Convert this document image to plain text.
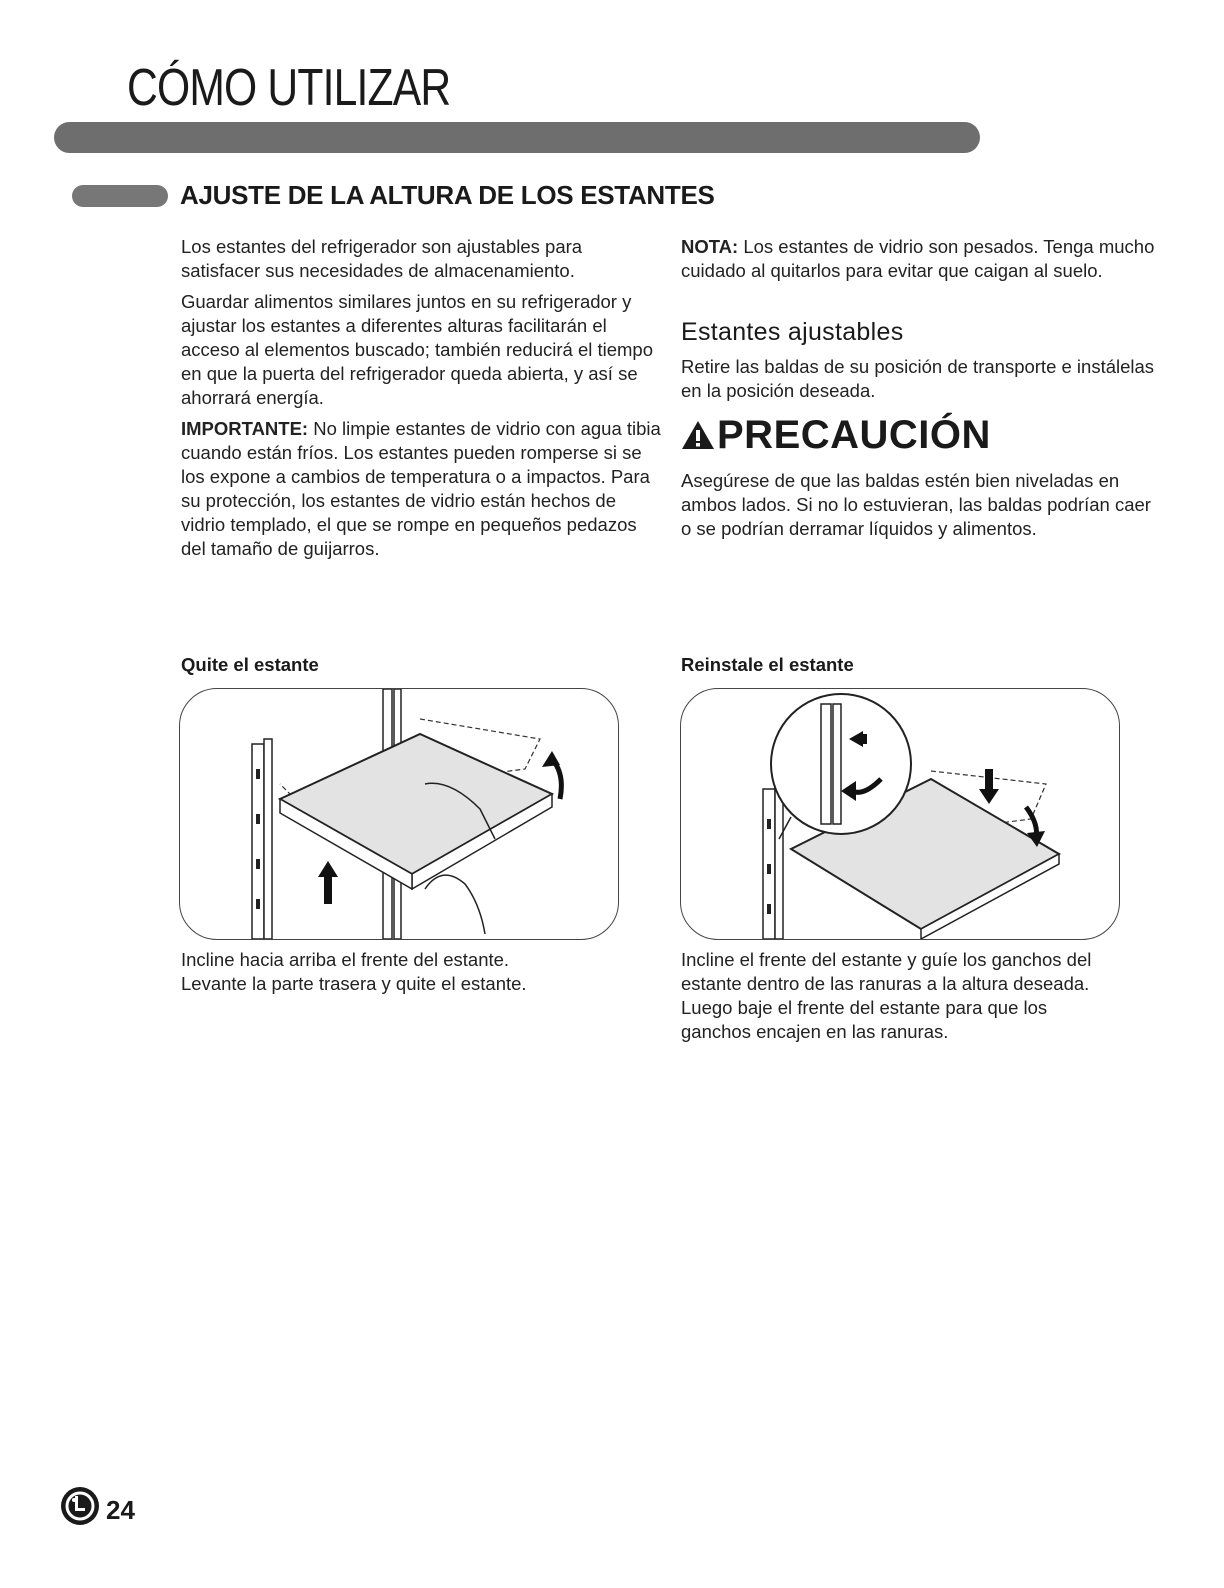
CÓMO UTILIZAR
AJUSTE DE LA ALTURA DE LOS ESTANTES

Los estantes del refrigerador son ajustables para satisfacer sus necesidades de almacenamiento.

Guardar alimentos similares juntos en su refrigerador y ajustar los estantes a diferentes alturas facilitarán el acceso al elementos buscado; también reducirá el tiempo en que la puerta del refrigerador queda abierta, y así se ahorrará energía.

IMPORTANTE: No limpie estantes de vidrio con agua tibia cuando están fríos. Los estantes pueden romperse si se los expone a cambios de temperatura o a impactos. Para su protección, los estantes de vidrio están hechos de vidrio templado, el que se rompe en pequeños pedazos del tamaño de guijarros.

NOTA: Los estantes de vidrio son pesados. Tenga mucho cuidado al quitarlos para evitar que caigan al suelo.

Estantes ajustables

Retire las baldas de su posición de transporte e instálelas en la posición deseada.

PRECAUCIÓN

Asegúrese de que las baldas estén bien niveladas en ambos lados. Si no lo estuvieran, las baldas podrían caer o se podrían derramar líquidos y alimentos.

Quite el estante

Incline hacia arriba el frente del estante.

Levante la parte trasera y quite el estante.

Reinstale el estante
Incline el frente del estante y guíe los ganchos del estante dentro de las ranuras a la altura deseada. Luego baje el frente del estante para que los ganchos encajen en las ranuras.
24
